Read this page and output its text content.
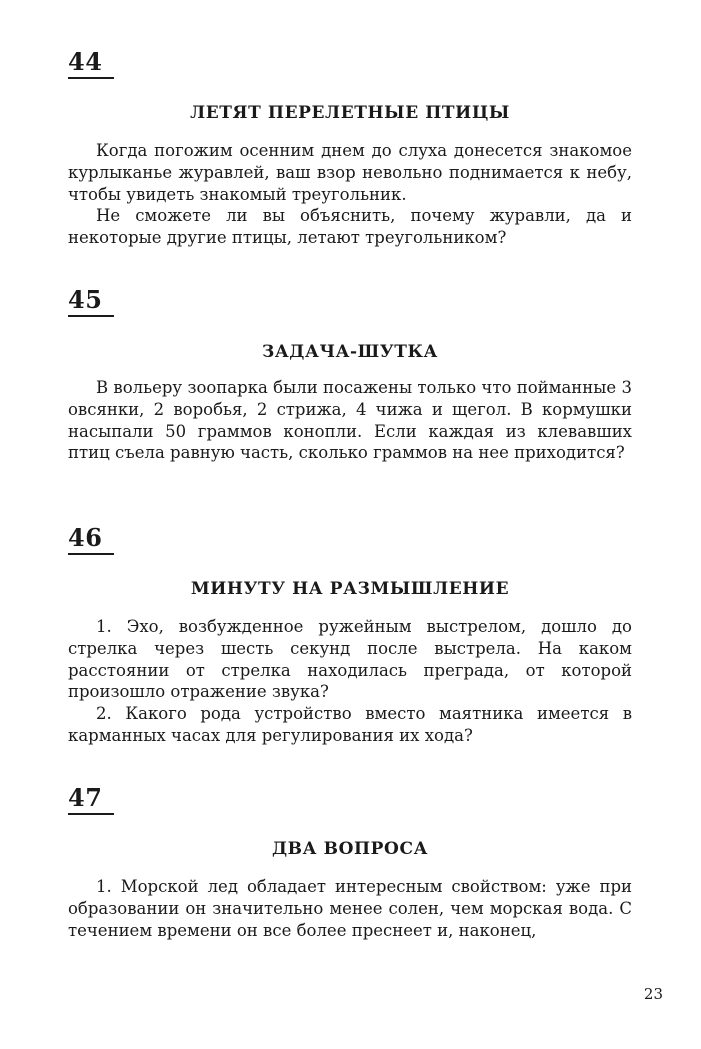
44
ЛЕТЯТ ПЕРЕЛЕТНЫЕ ПТИЦЫ

Когда погожим осенним днем до слуха донесется знакомое курлыканье журавлей, ваш взор невольно поднимается к небу, чтобы увидеть знакомый треугольник.

Не сможете ли вы объяснить, почему журавли, да и некоторые другие птицы, летают треугольником?

45
ЗАДАЧА-ШУТКА

В вольеру зоопарка были посажены только что пойманные 3 овсянки, 2 воробья, 2 стрижа, 4 чижа и щегол. В кормушки насыпали 50 граммов конопли. Если каждая из клевавших птиц съела равную часть, сколько граммов на нее приходится?

46
МИНУТУ НА РАЗМЫШЛЕНИЕ

1. Эхо, возбужденное ружейным выстрелом, дошло до стрелка через шесть секунд после выстрела. На каком расстоянии от стрелка находилась преграда, от которой произошло отражение звука?

2. Какого рода устройство вместо маятника имеется в карманных часах для регулирования их хода?

47
ДВА ВОПРОСА

1. Морской лед обладает интересным свойством: уже при образовании он значительно менее солен, чем морская вода. С течением времени он все более преснеет и, наконец,

23
